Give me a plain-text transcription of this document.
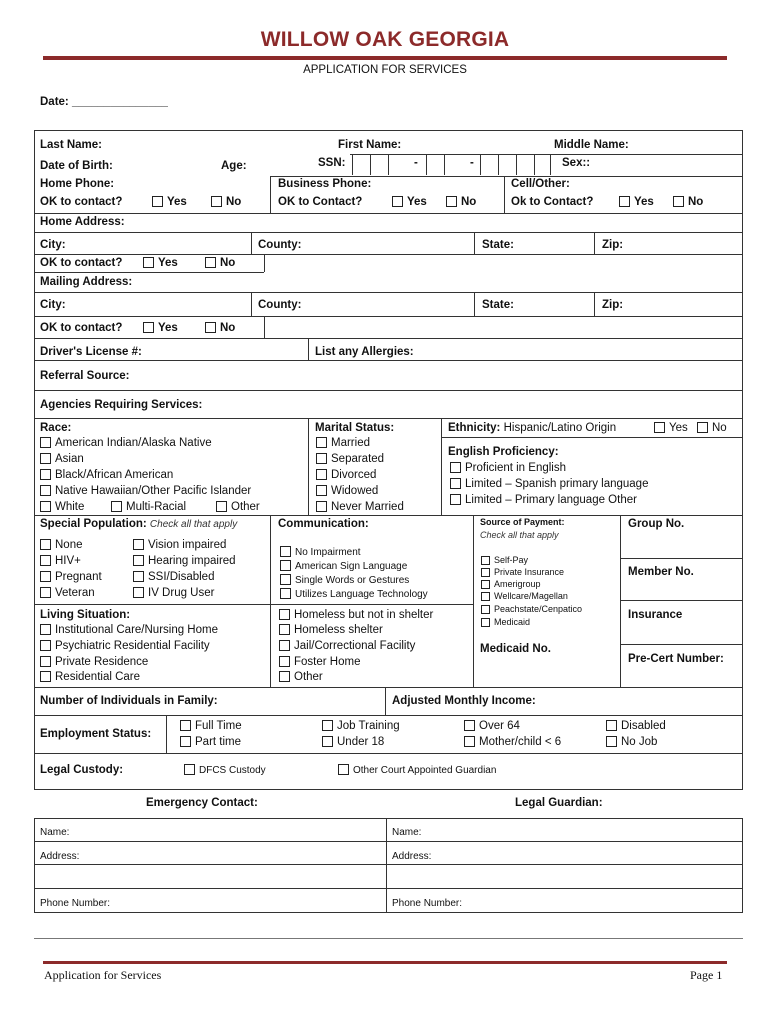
WILLOW OAK GEORGIA
APPLICATION FOR SERVICES
Date: _______________
Last Name:	First Name:	Middle Name:
Date of Birth:	Age:	SSN:	-	-	Sex::
Home Phone:	Business Phone:	Cell/Other:
OK to contact?	Yes	No	OK to Contact?	Yes	No	Ok to Contact?	Yes	No
Home Address:
City:	County:	State:	Zip:
OK to contact?	Yes	No
Mailing Address:
City:	County:	State:	Zip:
OK to contact?	Yes	No
Driver's License #:	List any Allergies:
Referral Source:
Agencies Requiring Services:
Race:
American Indian/Alaska Native
Asian
Black/African American
Native Hawaiian/Other Pacific Islander
White	Multi-Racial	Other
Marital Status:
Married
Separated
Divorced
Widowed
Never Married
Ethnicity: Hispanic/Latino Origin	Yes	No
English Proficiency:
Proficient in English
Limited – Spanish primary language
Limited – Primary language Other
Special Population: Check all that apply
None
HIV+
Pregnant
Veteran
Vision impaired
Hearing impaired
SSI/Disabled
IV Drug User
Communication:
No Impairment
American Sign Language
Single Words or Gestures
Utilizes Language Technology
Source of Payment:
Check all that apply
Self-Pay
Private Insurance
Amerigroup
Wellcare/Magellan
Peachstate/Cenpatico
Medicaid
Medicaid No.
Group No.
Member No.
Insurance
Pre-Cert Number:
Living Situation:
Institutional Care/Nursing Home
Psychiatric Residential Facility
Private Residence
Residential Care
Homeless but not in shelter
Homeless shelter
Jail/Correctional Facility
Foster Home
Other
Number of Individuals in Family:	Adjusted Monthly Income:
Employment Status:
Full Time
Part time
Job Training
Under 18
Over 64
Mother/child < 6
Disabled
No Job
Legal Custody:	DFCS Custody	Other Court Appointed Guardian
Emergency Contact:	Legal Guardian:
Name:	Name:
Address:	Address:
Phone Number:	Phone Number:
Application for Services	Page 1
